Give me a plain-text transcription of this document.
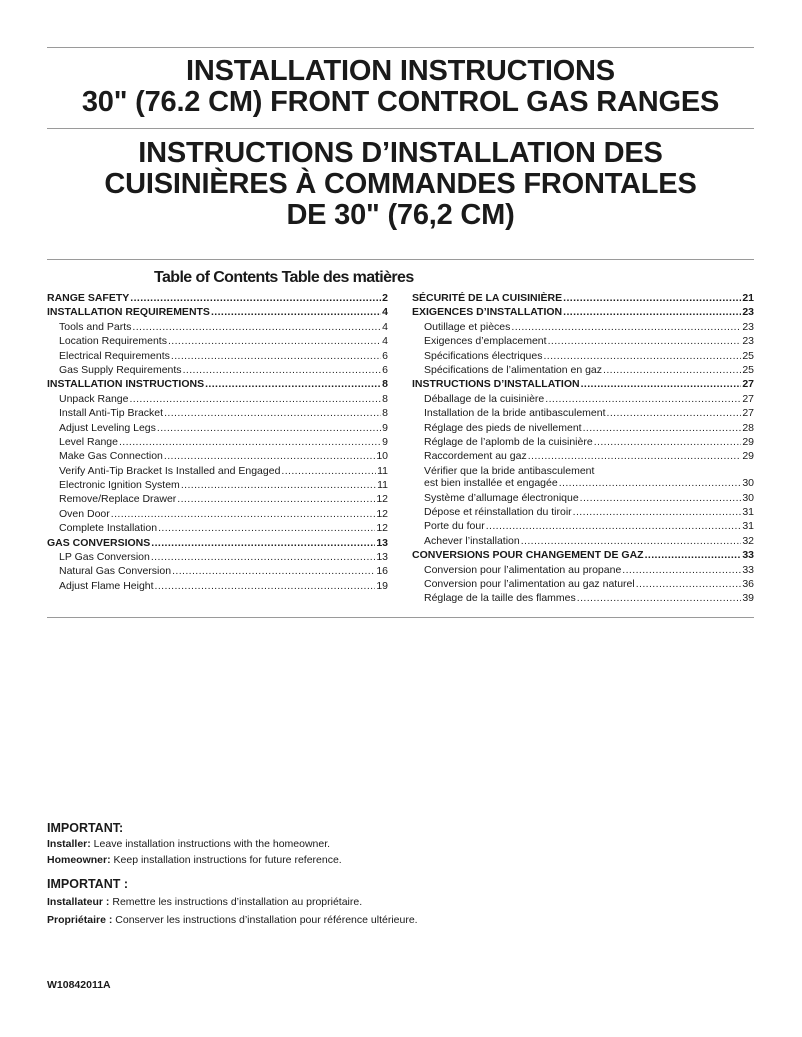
INSTALLATION INSTRUCTIONS
30" (76.2 CM) FRONT CONTROL GAS RANGES
INSTRUCTIONS D’INSTALLATION DES
CUISINIÈRES À COMMANDES FRONTALES
DE 30" (76,2 CM)
Table of Contents Table des matières
RANGE SAFETY .....	2
INSTALLATION REQUIREMENTS .....	4
Tools and Parts .....	4
Location Requirements .....	4
Electrical Requirements .....	6
Gas Supply Requirements .....	6
INSTALLATION INSTRUCTIONS .....	8
Unpack Range .....	8
Install Anti-Tip Bracket .....	8
Adjust Leveling Legs .....	9
Level Range .....	9
Make Gas Connection .....	10
Verify Anti-Tip Bracket Is Installed and Engaged .....	11
Electronic Ignition System .....	11
Remove/Replace Drawer .....	12
Oven Door .....	12
Complete Installation .....	12
GAS CONVERSIONS .....	13
LP Gas Conversion .....	13
Natural Gas Conversion .....	16
Adjust Flame Height .....	19
SÉCURITÉ DE LA CUISINIÈRE .....	21
EXIGENCES D’INSTALLATION .....	23
Outillage et pièces .....	23
Exigences d’emplacement .....	23
Spécifications électriques .....	25
Spécifications de l’alimentation en gaz .....	25
INSTRUCTIONS D’INSTALLATION .....	27
Déballage de la cuisinière .....	27
Installation de la bride antibasculement .....	27
Réglage des pieds de nivellement .....	28
Réglage de l’aplomb de la cuisinière .....	29
Raccordement au gaz .....	29
Vérifier que la bride antibasculement
est bien installée et engagée .....	30
Système d’allumage électronique .....	30
Dépose et réinstallation du tiroir .....	31
Porte du four .....	31
Achever l’installation .....	32
CONVERSIONS POUR CHANGEMENT DE GAZ .....	33
Conversion pour l’alimentation au propane .....	33
Conversion pour l’alimentation au gaz naturel .....	36
Réglage de la taille des flammes .....	39
IMPORTANT:
Installer: Leave installation instructions with the homeowner.
Homeowner: Keep installation instructions for future reference.
IMPORTANT :
Installateur : Remettre les instructions d’installation au propriétaire.
Propriétaire : Conserver les instructions d’installation pour référence ultérieure.
W10842011A
